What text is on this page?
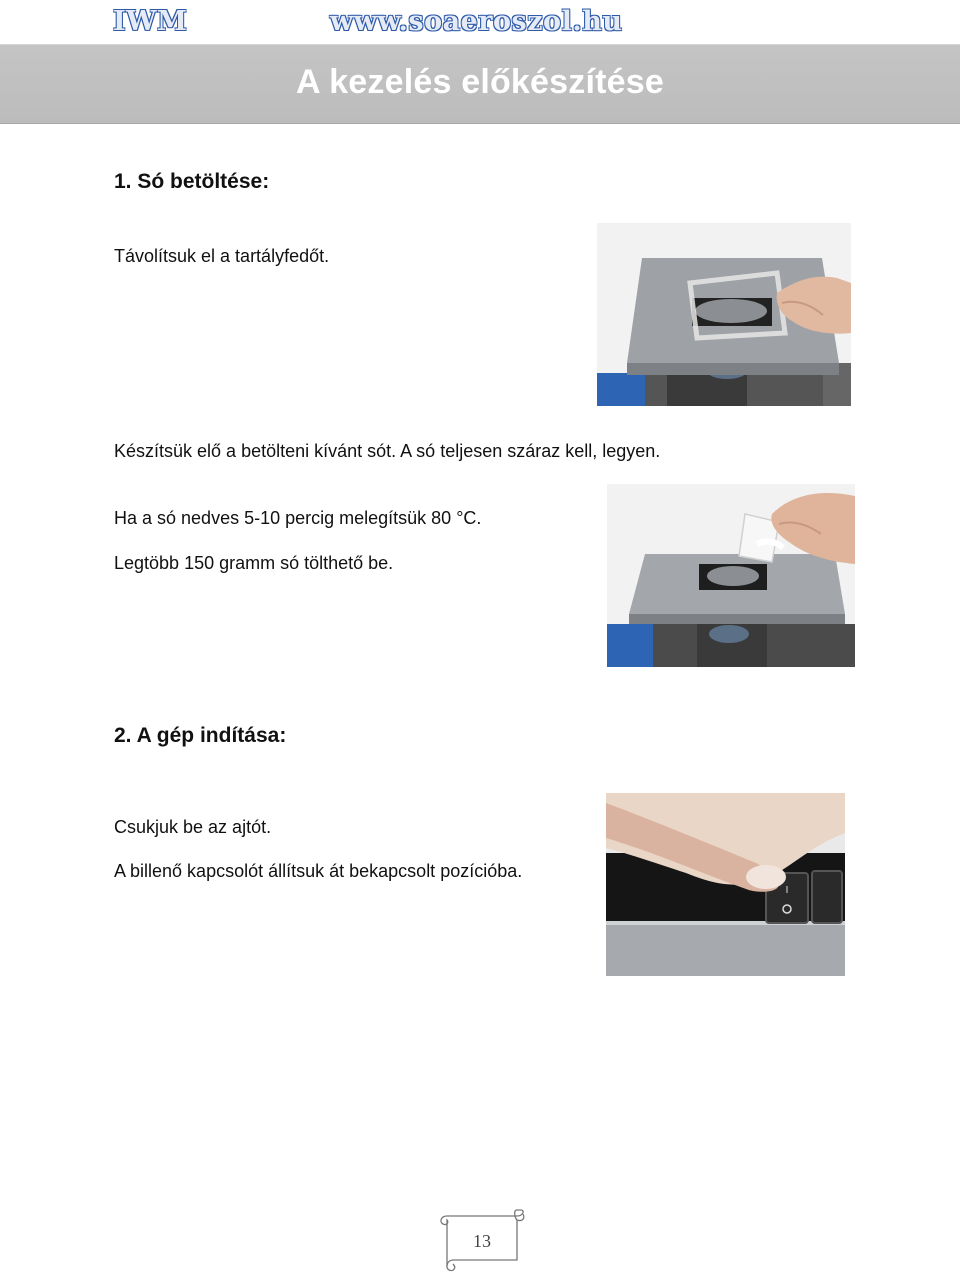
IWM	www.soaeroszol.hu
A kezelés előkészítése
1. Só betöltése:

Távolítsuk el a tartályfedőt.

Készítsük elő a betölteni kívánt sót. A só teljesen száraz kell, legyen.

Ha a só nedves 5-10 percig melegítsük 80 °C.

Legtöbb 150 gramm só tölthető be.

2. A gép indítása:

Csukjuk be az ajtót.

A billenő kapcsolót állítsuk át bekapcsolt pozícióba.

I
13
